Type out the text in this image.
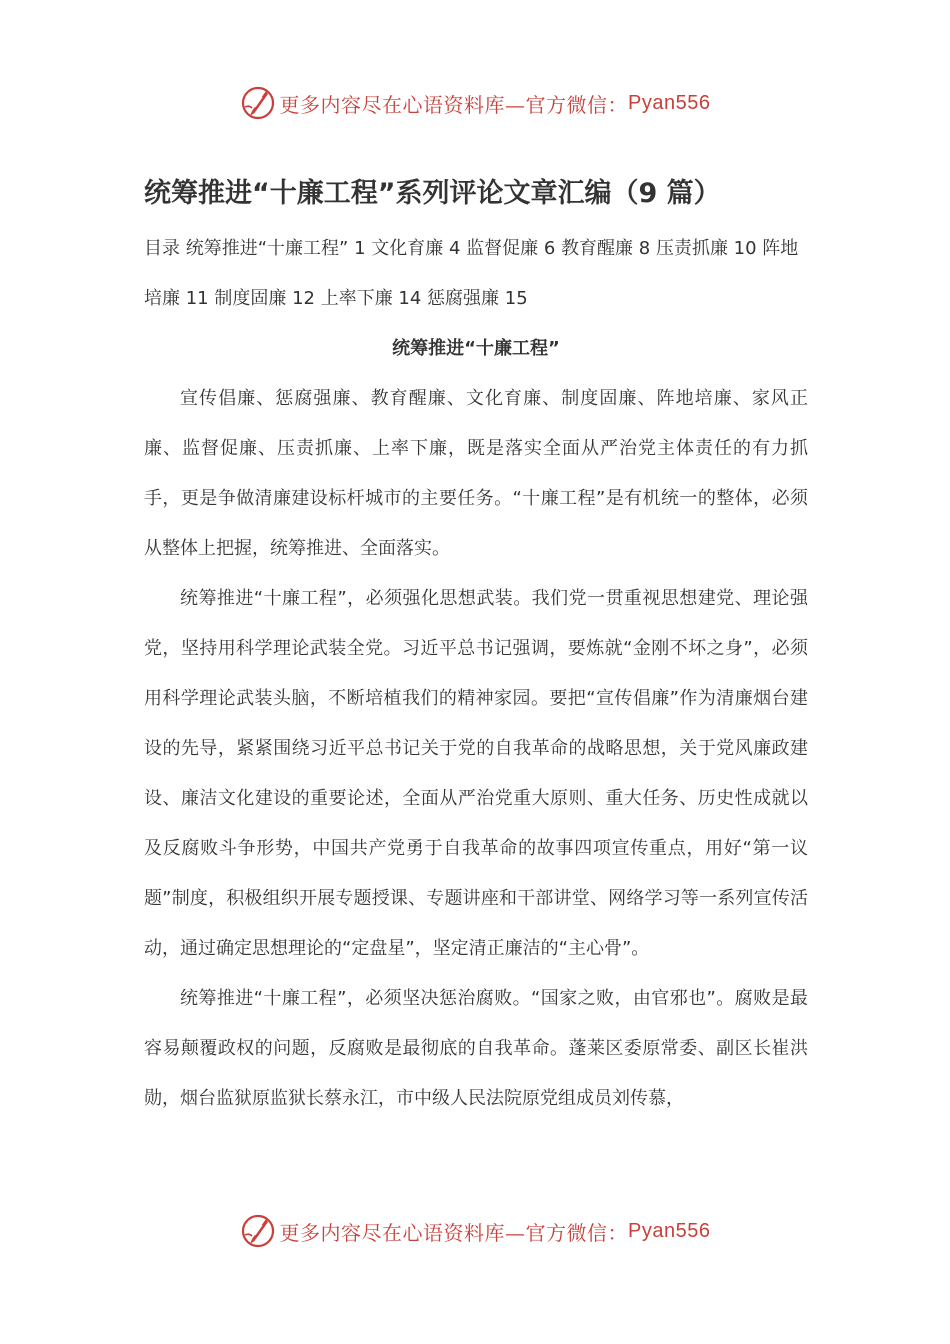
更多内容尽在心语资料库—官方微信： Pyan556
统筹推进“十廉工程”系列评论文章汇编（9 篇）

目录 统筹推进“十廉工程” 1 文化育廉 4 监督促廉 6 教育醒廉 8 压责抓廉 10 阵地培廉 11 制度固廉 12 上率下廉 14 惩腐强廉 15

统筹推进“十廉工程”

宣传倡廉、惩腐强廉、教育醒廉、文化育廉、制度固廉、阵地培廉、家风正廉、监督促廉、压责抓廉、上率下廉，既是落实全面从严治党主体责任的有力抓手，更是争做清廉建设标杆城市的主要任务。“十廉工程”是有机统一的整体，必须从整体上把握，统筹推进、全面落实。

统筹推进“十廉工程”，必须强化思想武装。我们党一贯重视思想建党、理论强党，坚持用科学理论武装全党。习近平总书记强调，要炼就“金刚不坏之身”，必须用科学理论武装头脑，不断培植我们的精神家园。要把“宣传倡廉”作为清廉烟台建设的先导，紧紧围绕习近平总书记关于党的自我革命的战略思想，关于党风廉政建设、廉洁文化建设的重要论述，全面从严治党重大原则、重大任务、历史性成就以及反腐败斗争形势，中国共产党勇于自我革命的故事四项宣传重点，用好“第一议题”制度，积极组织开展专题授课、专题讲座和干部讲堂、网络学习等一系列宣传活动，通过确定思想理论的“定盘星”，坚定清正廉洁的“主心骨”。

统筹推进“十廉工程”，必须坚决惩治腐败。“国家之败，由官邪也”。腐败是最容易颠覆政权的问题，反腐败是最彻底的自我革命。蓬莱区委原常委、副区长崔洪勋，烟台监狱原监狱长蔡永江，市中级人民法院原党组成员刘传慕，

更多内容尽在心语资料库—官方微信： Pyan556
